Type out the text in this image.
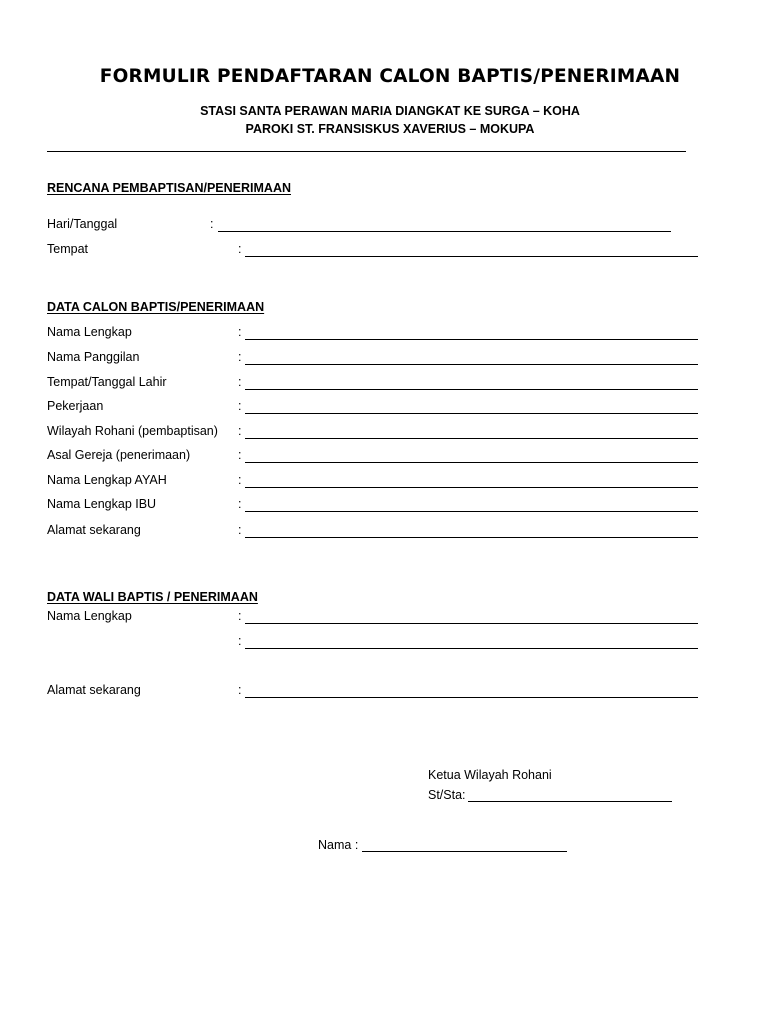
FORMULIR PENDAFTARAN CALON BAPTIS/PENERIMAAN
STASI SANTA PERAWAN MARIA DIANGKAT KE SURGA – KOHA
PAROKI ST. FRANSISKUS XAVERIUS – MOKUPA
RENCANA PEMBAPTISAN/PENERIMAAN
Hari/Tanggal	:
Tempat	:
DATA CALON BAPTIS/PENERIMAAN
Nama Lengkap	:
Nama Panggilan	:
Tempat/Tanggal Lahir	:
Pekerjaan	:
Wilayah Rohani (pembaptisan) :
Asal Gereja (penerimaan)	:
Nama Lengkap AYAH	:
Nama Lengkap IBU	:
Alamat sekarang	:
DATA WALI BAPTIS / PENERIMAAN
Nama Lengkap	:
:
Alamat sekarang	:
Ketua Wilayah Rohani
St/Sta:
Nama :
